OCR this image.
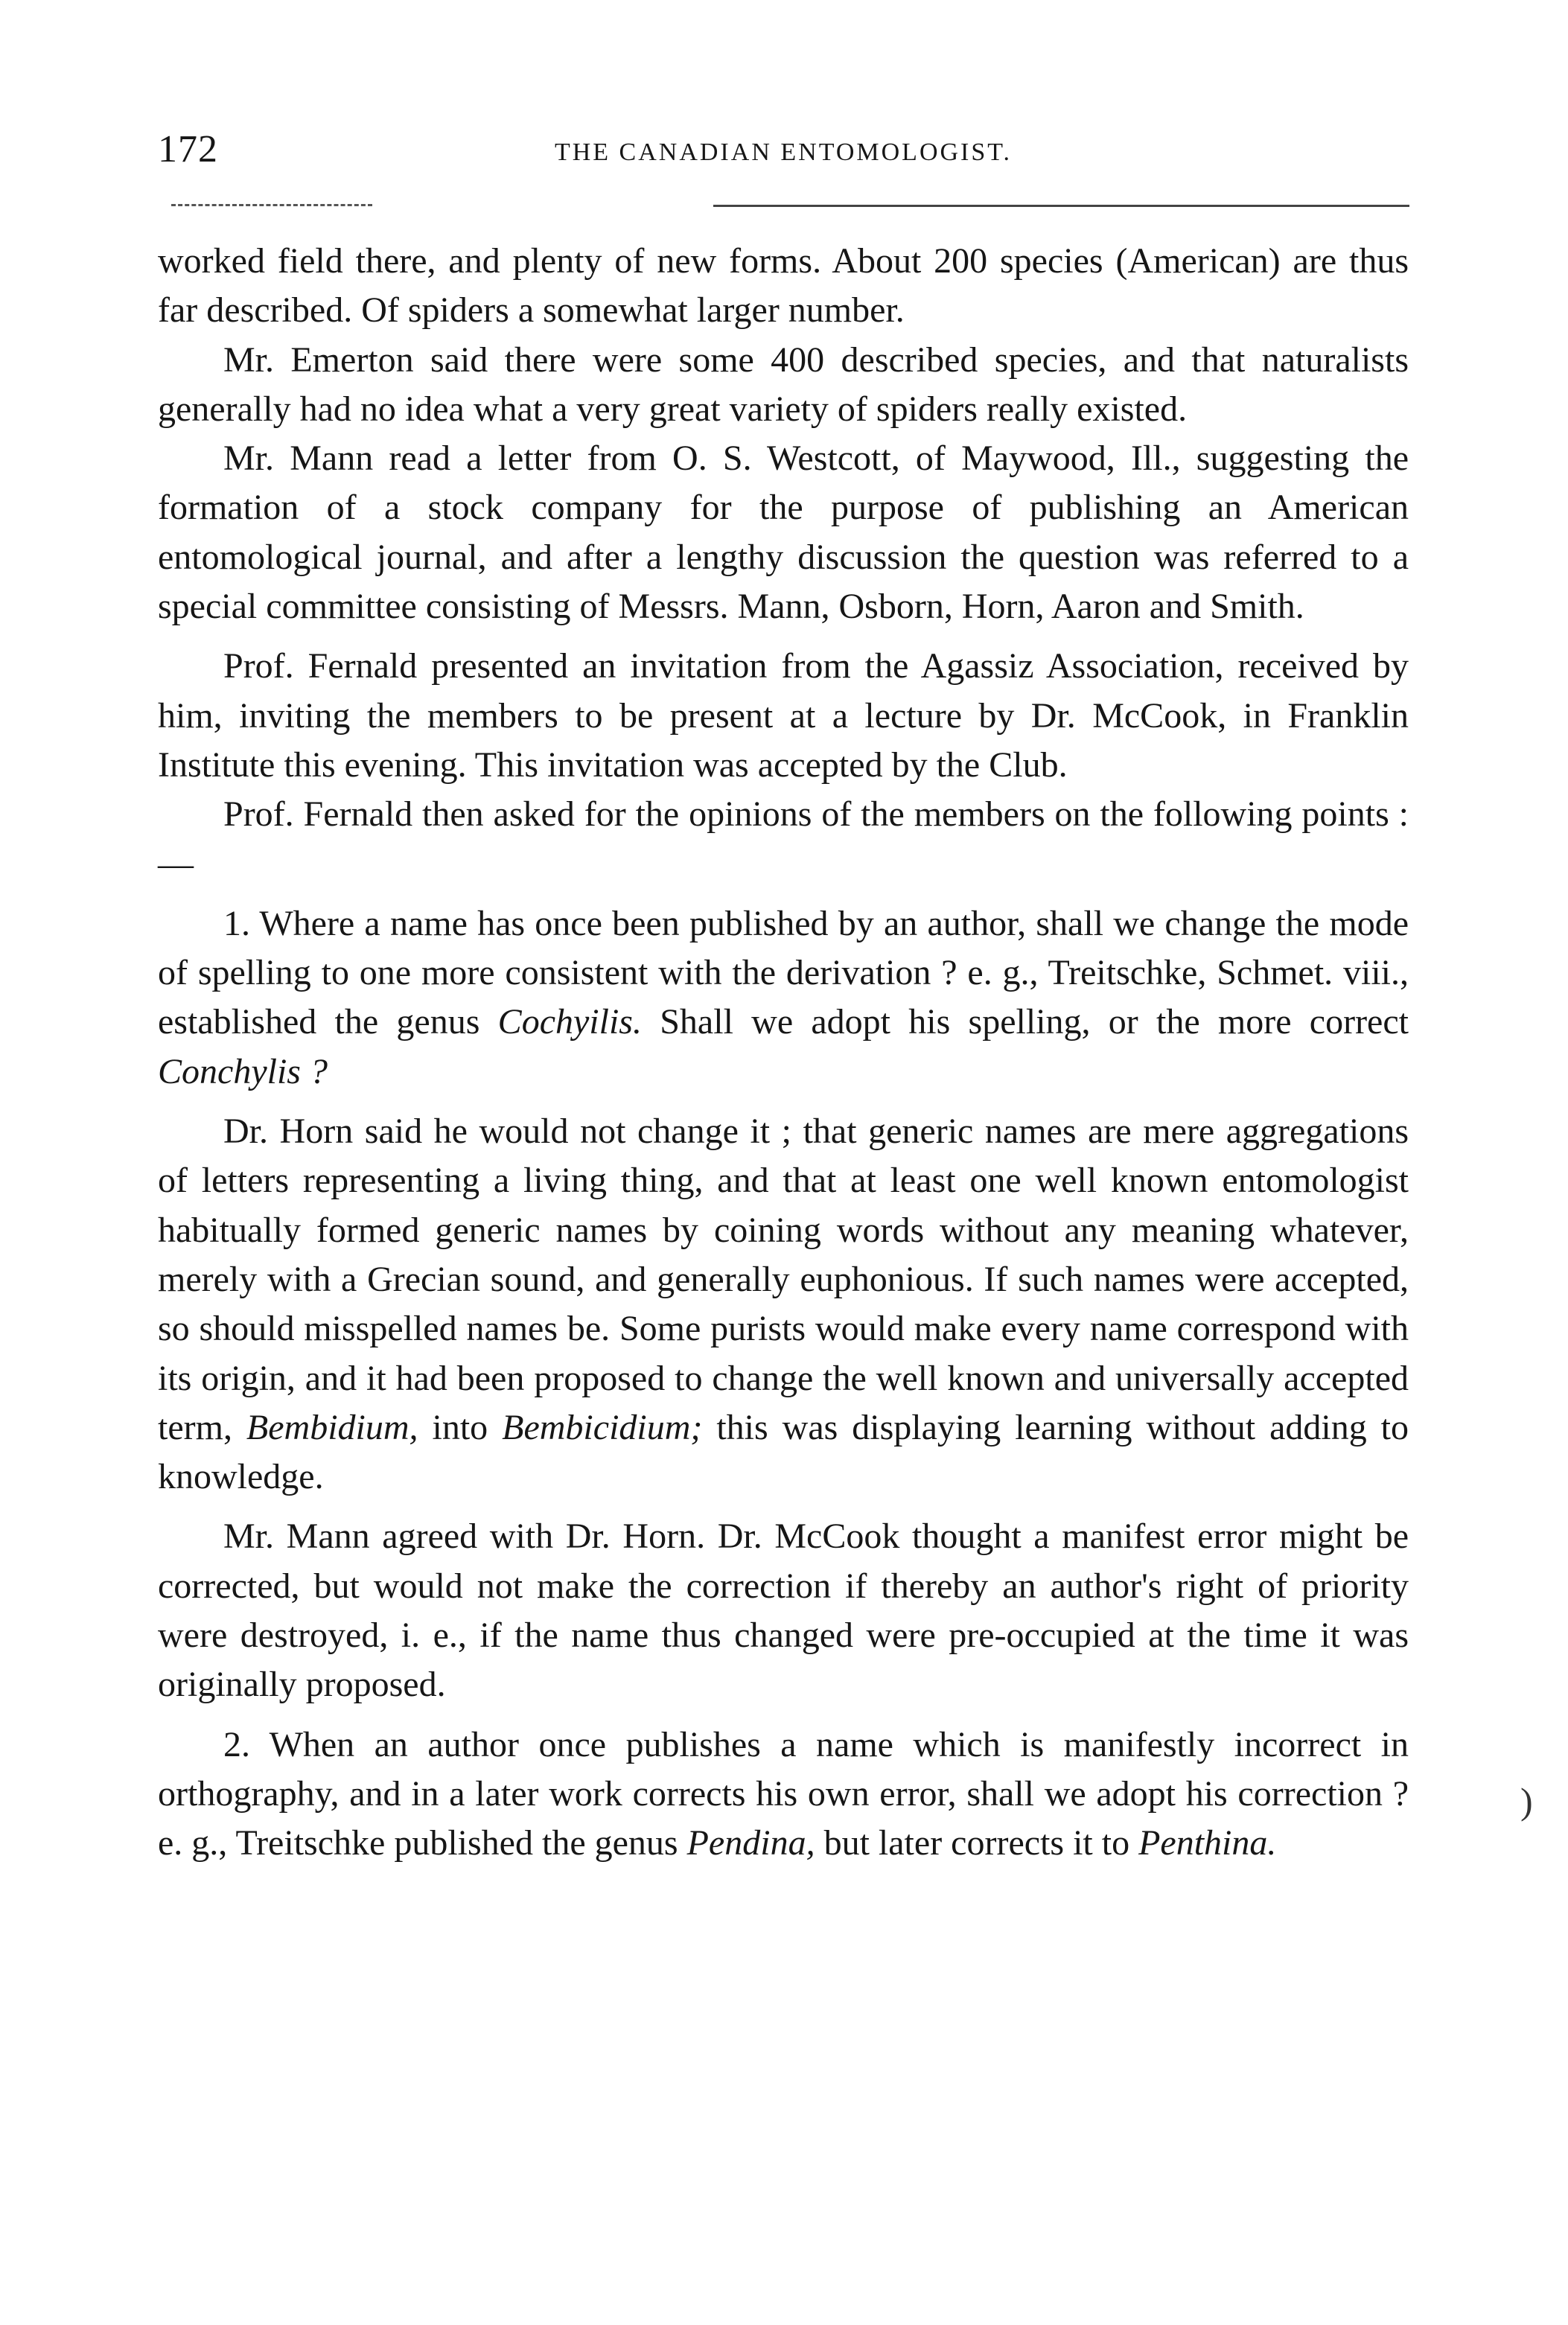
172	THE CANADIAN ENTOMOLOGIST.

worked field there, and plenty of new forms. About 200 species (American) are thus far described. Of spiders a somewhat larger number.

Mr. Emerton said there were some 400 described species, and that naturalists generally had no idea what a very great variety of spiders really existed.

Mr. Mann read a letter from O. S. Westcott, of Maywood, Ill., suggesting the formation of a stock company for the purpose of publishing an American entomological journal, and after a lengthy discussion the question was referred to a special committee consisting of Messrs. Mann, Osborn, Horn, Aaron and Smith.

Prof. Fernald presented an invitation from the Agassiz Association, received by him, inviting the members to be present at a lecture by Dr. McCook, in Franklin Institute this evening. This invitation was accepted by the Club.

Prof. Fernald then asked for the opinions of the members on the following points :—

1. Where a name has once been published by an author, shall we change the mode of spelling to one more consistent with the derivation ? e. g., Treitschke, Schmet. viii., established the genus Cochyilis. Shall we adopt his spelling, or the more correct Conchylis ?

Dr. Horn said he would not change it ; that generic names are mere aggregations of letters representing a living thing, and that at least one well known entomologist habitually formed generic names by coining words without any meaning whatever, merely with a Grecian sound, and generally euphonious. If such names were accepted, so should misspelled names be. Some purists would make every name correspond with its origin, and it had been proposed to change the well known and universally accepted term, Bembidium, into Bembicidium; this was displaying learning without adding to knowledge.

Mr. Mann agreed with Dr. Horn. Dr. McCook thought a manifest error might be corrected, but would not make the correction if thereby an author's right of priority were destroyed, i. e., if the name thus changed were pre-occupied at the time it was originally proposed.

2. When an author once publishes a name which is manifestly incorrect in orthography, and in a later work corrects his own error, shall we adopt his correction ? e. g., Treitschke published the genus Pendina, but later corrects it to Penthina.

)
